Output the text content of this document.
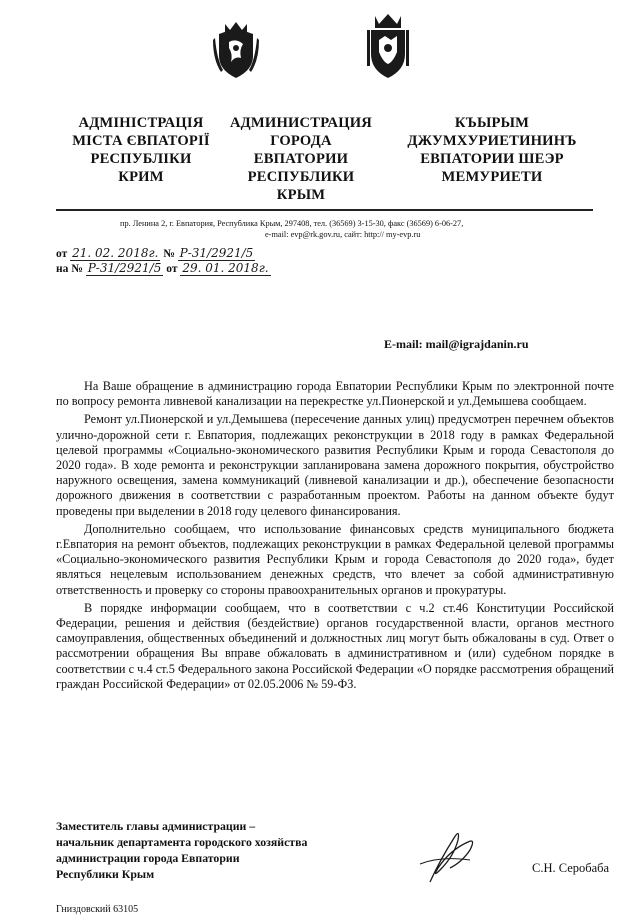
АДМІНІСТРАЦІЯ
МІСТА ЄВПАТОРІЇ
РЕСПУБЛІКИ
КРИМ
АДМИНИСТРАЦИЯ
ГОРОДА
ЕВПАТОРИИ
РЕСПУБЛИКИ
КРЫМ
КЪЫРЫМ
ДЖУМХУРИЕТИНИНЪ
ЕВПАТОРИИ ШЕЭР
МЕМУРИЕТИ
пр. Ленина 2, г. Евпатория, Республика Крым, 297408, тел. (36569) 3-15-30, факс (36569) 6-06-27,
e-mail: evp@rk.gov.ru, сайт: http:// my-evp.ru
от 21. 02. 2018г. № Р-31/2921/5
на № Р-31/2921/5 от 29. 01. 2018г.
E-mail: mail@igrajdanin.ru

На Ваше обращение в администрацию города Евпатории Республики Крым по электронной почте по вопросу ремонта ливневой канализации на перекрестке ул.Пионерской и ул.Демышева сообщаем.

Ремонт ул.Пионерской и ул.Демышева (пересечение данных улиц) предусмотрен перечнем объектов улично-дорожной сети г. Евпатория, подлежащих реконструкции в 2018 году в рамках Федеральной целевой программы «Социально-экономического развития Республики Крым и города Севастополя до 2020 года». В ходе ремонта и реконструкции запланирована замена дорожного покрытия, обустройство наружного освещения, замена коммуникаций (ливневой канализации и др.), обеспечение безопасности дорожного движения в соответствии с разработанным проектом. Работы на данном объекте будут проведены при выделении в 2018 году целевого финансирования.

Дополнительно сообщаем, что использование финансовых средств муниципального бюджета г.Евпатория на ремонт объектов, подлежащих реконструкции в рамках Федеральной целевой программы «Социально-экономического развития Республики Крым и города Севастополя до 2020 года», будет являться нецелевым использованием денежных средств, что влечет за собой административную ответственность и проверку со стороны правоохранительных органов и прокуратуры.

В порядке информации сообщаем, что в соответствии с ч.2 ст.46 Конституции Российской Федерации, решения и действия (бездействие) органов государственной власти, органов местного самоуправления, общественных объединений и должностных лиц могут быть обжалованы в суд. Ответ о рассмотрении обращения Вы вправе обжаловать в административном и (или) судебном порядке в соответствии с ч.4 ст.5 Федерального закона Российской Федерации «О порядке рассмотрения обращений граждан Российской Федерации» от 02.05.2006 № 59-ФЗ.

Заместитель главы администрации –
начальник департамента городского хозяйства
администрации города Евпатории
Республики Крым	С.Н. Серобаба
Гниздовский 63105
